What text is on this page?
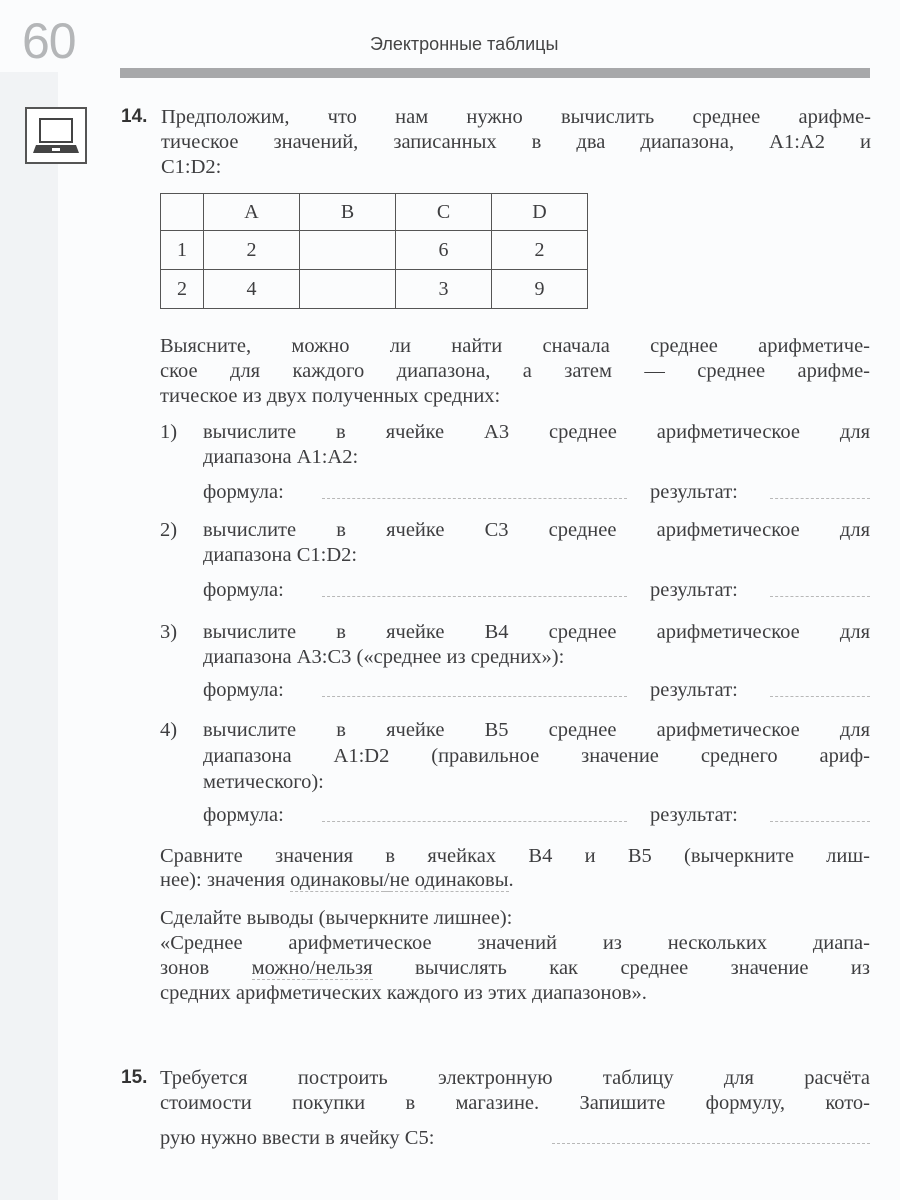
60	Электронные таблицы
14. Предположим, что нам нужно вычислить среднее арифме-
тическое значений, записанных в два диапазона, A1:A2 и
C1:D2:
	A	B	C	D
1	2		6	2
2	4		3	9
Выясните, можно ли найти сначала среднее арифметиче-
ское для каждого диапазона, а затем — среднее арифме-
тическое из двух полученных средних:
1) вычислите в ячейке A3 среднее арифметическое для
диапазона A1:A2:
формула:	результат:
2) вычислите в ячейке C3 среднее арифметическое для
диапазона C1:D2:
формула:	результат:
3) вычислите в ячейке B4 среднее арифметическое для
диапазона A3:C3 («среднее из средних»):
формула:	результат:
4) вычислите в ячейке B5 среднее арифметическое для
диапазона A1:D2 (правильное значение среднего ариф-
метического):
формула:	результат:
Сравните значения в ячейках B4 и B5 (вычеркните лиш-
нее): значения одинаковы/не одинаковы.
Сделайте выводы (вычеркните лишнее):
«Среднее арифметическое значений из нескольких диапа-
зонов можно/нельзя вычислять как среднее значение из
средних арифметических каждого из этих диапазонов».
15. Требуется построить электронную таблицу для расчёта
стоимости покупки в магазине. Запишите формулу, кото-
рую нужно ввести в ячейку C5:
